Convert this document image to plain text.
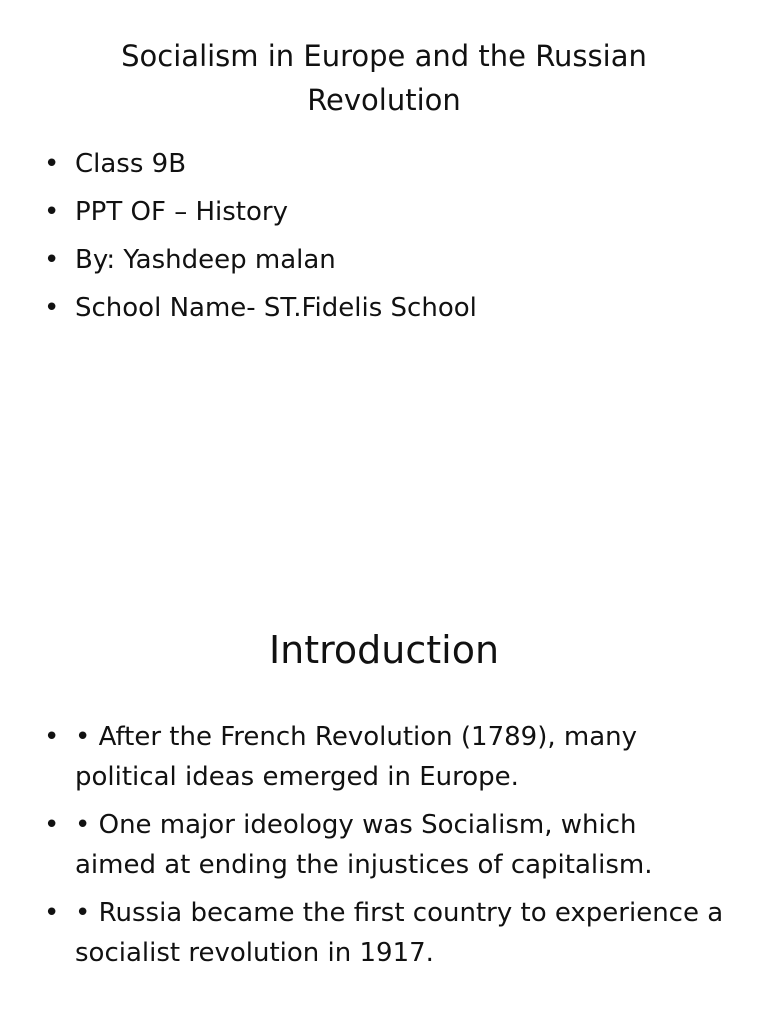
Socialism in Europe and the Russian Revolution
• Class 9B
• PPT OF – History
• By: Yashdeep malan
• School Name- ST.Fidelis School
Introduction
• • After the French Revolution (1789), many political ideas emerged in Europe.
• • One major ideology was Socialism, which aimed at ending the injustices of capitalism.
• • Russia became the first country to experience a socialist revolution in 1917.
